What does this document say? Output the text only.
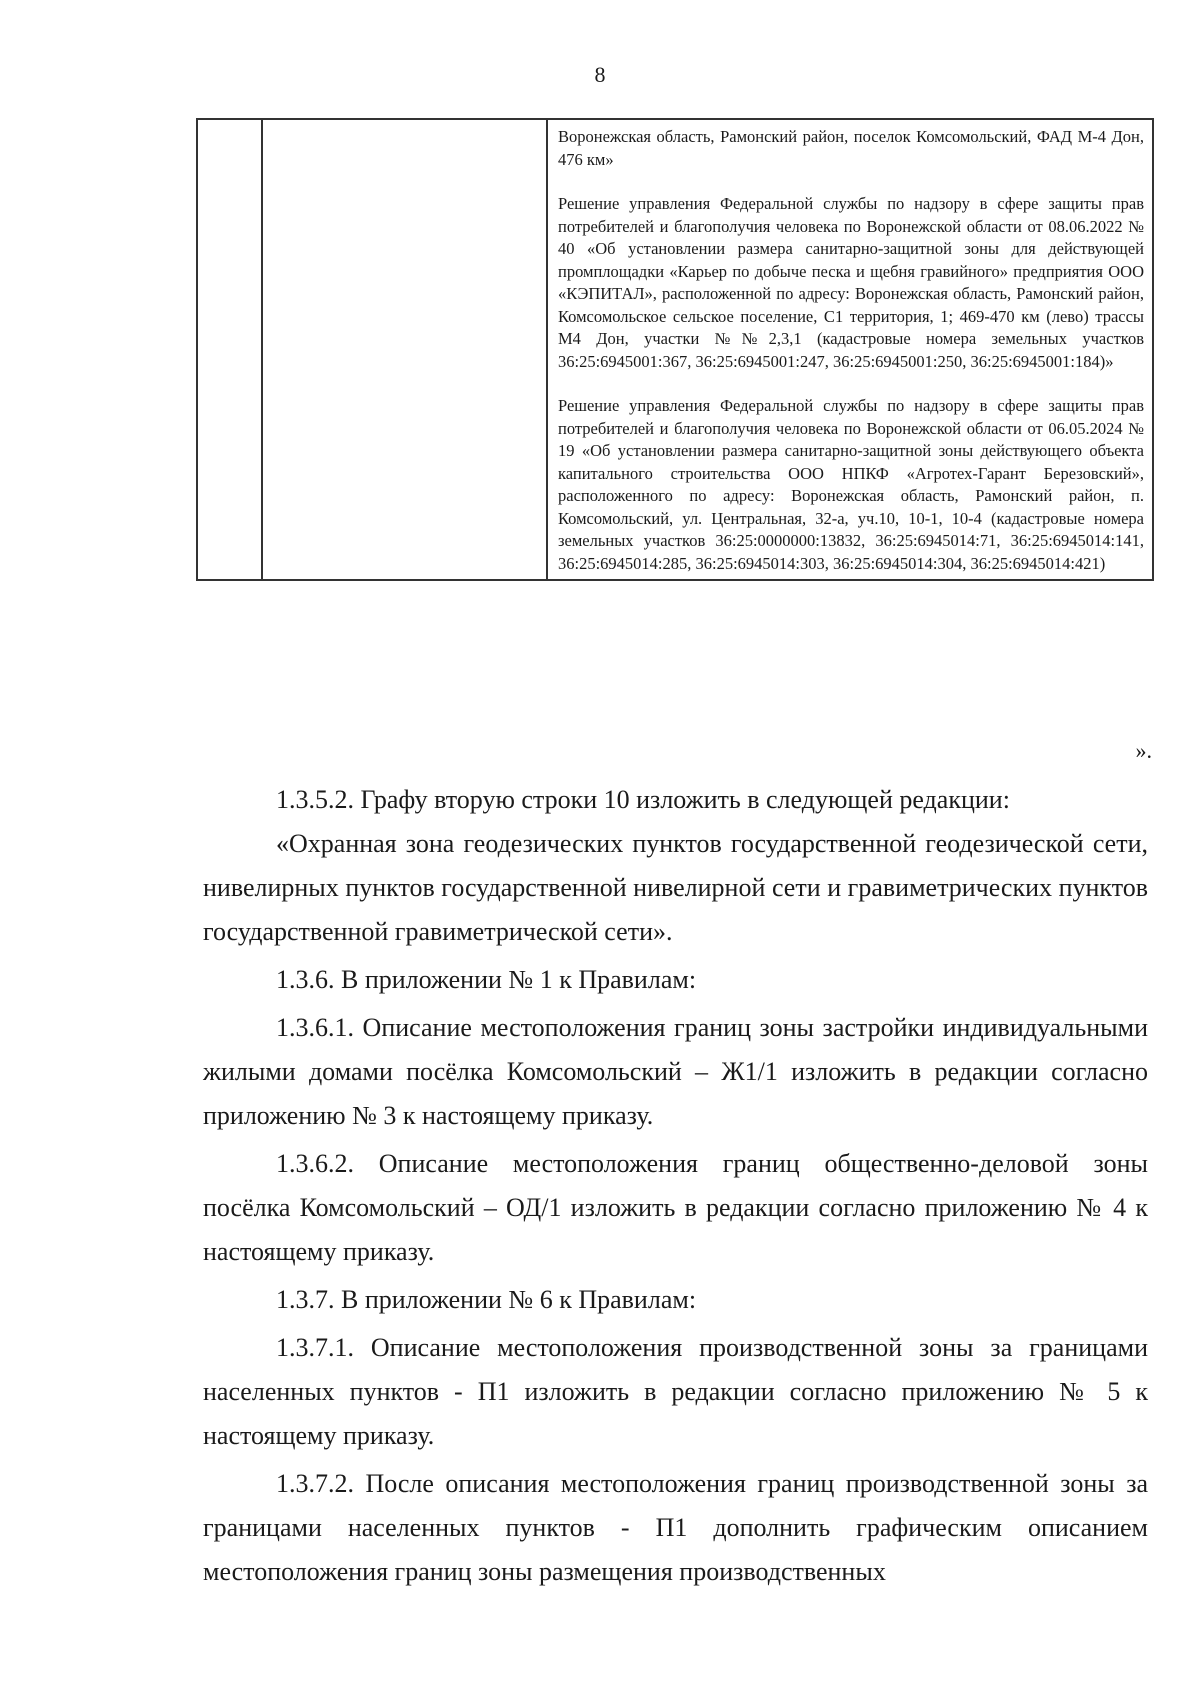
8

Воронежская область, Рамонский район, поселок Комсомольский, ФАД М-4 Дон, 476 км»

Решение управления Федеральной службы по надзору в сфере защиты прав потребителей и благополучия человека по Воронежской области от 08.06.2022 № 40 «Об установлении размера санитарно-защитной зоны для действующей промплощадки «Карьер по добыче песка и щебня гравийного» предприятия ООО «КЭПИТАЛ», расположенной по адресу: Воронежская область, Рамонский район, Комсомольское сельское поселение, С1 территория, 1; 469-470 км (лево) трассы М4 Дон, участки №№2,3,1 (кадастровые номера земельных участков 36:25:6945001:367, 36:25:6945001:247, 36:25:6945001:250, 36:25:6945001:184)»

Решение управления Федеральной службы по надзору в сфере защиты прав потребителей и благополучия человека по Воронежской области от 06.05.2024 № 19 «Об установлении размера санитарно-защитной зоны действующего объекта капитального строительства ООО НПКФ «Агротех-Гарант Березовский», расположенного по адресу: Воронежская область, Рамонский район, п. Комсомольский, ул. Центральная, 32-а, уч.10, 10-1, 10-4 (кадастровые номера земельных участков 36:25:0000000:13832, 36:25:6945014:71, 36:25:6945014:141, 36:25:6945014:285, 36:25:6945014:303, 36:25:6945014:304, 36:25:6945014:421)

».

1.3.5.2. Графу вторую строки 10 изложить в следующей редакции:

«Охранная зона геодезических пунктов государственной геодезической сети, нивелирных пунктов государственной нивелирной сети и гравиметрических пунктов государственной гравиметрической сети».

1.3.6. В приложении № 1 к Правилам:

1.3.6.1. Описание местоположения границ зоны застройки индивидуальными жилыми домами посёлка Комсомольский – Ж1/1 изложить в редакции согласно приложению № 3 к настоящему приказу.

1.3.6.2. Описание местоположения границ общественно-деловой зоны посёлка Комсомольский – ОД/1 изложить в редакции согласно приложению № 4 к настоящему приказу.

1.3.7. В приложении № 6 к Правилам:

1.3.7.1. Описание местоположения производственной зоны за границами населенных пунктов - П1 изложить в редакции согласно приложению № 5 к настоящему приказу.

1.3.7.2. После описания местоположения границ производственной зоны за границами населенных пунктов - П1 дополнить графическим описанием местоположения границ зоны размещения производственных
